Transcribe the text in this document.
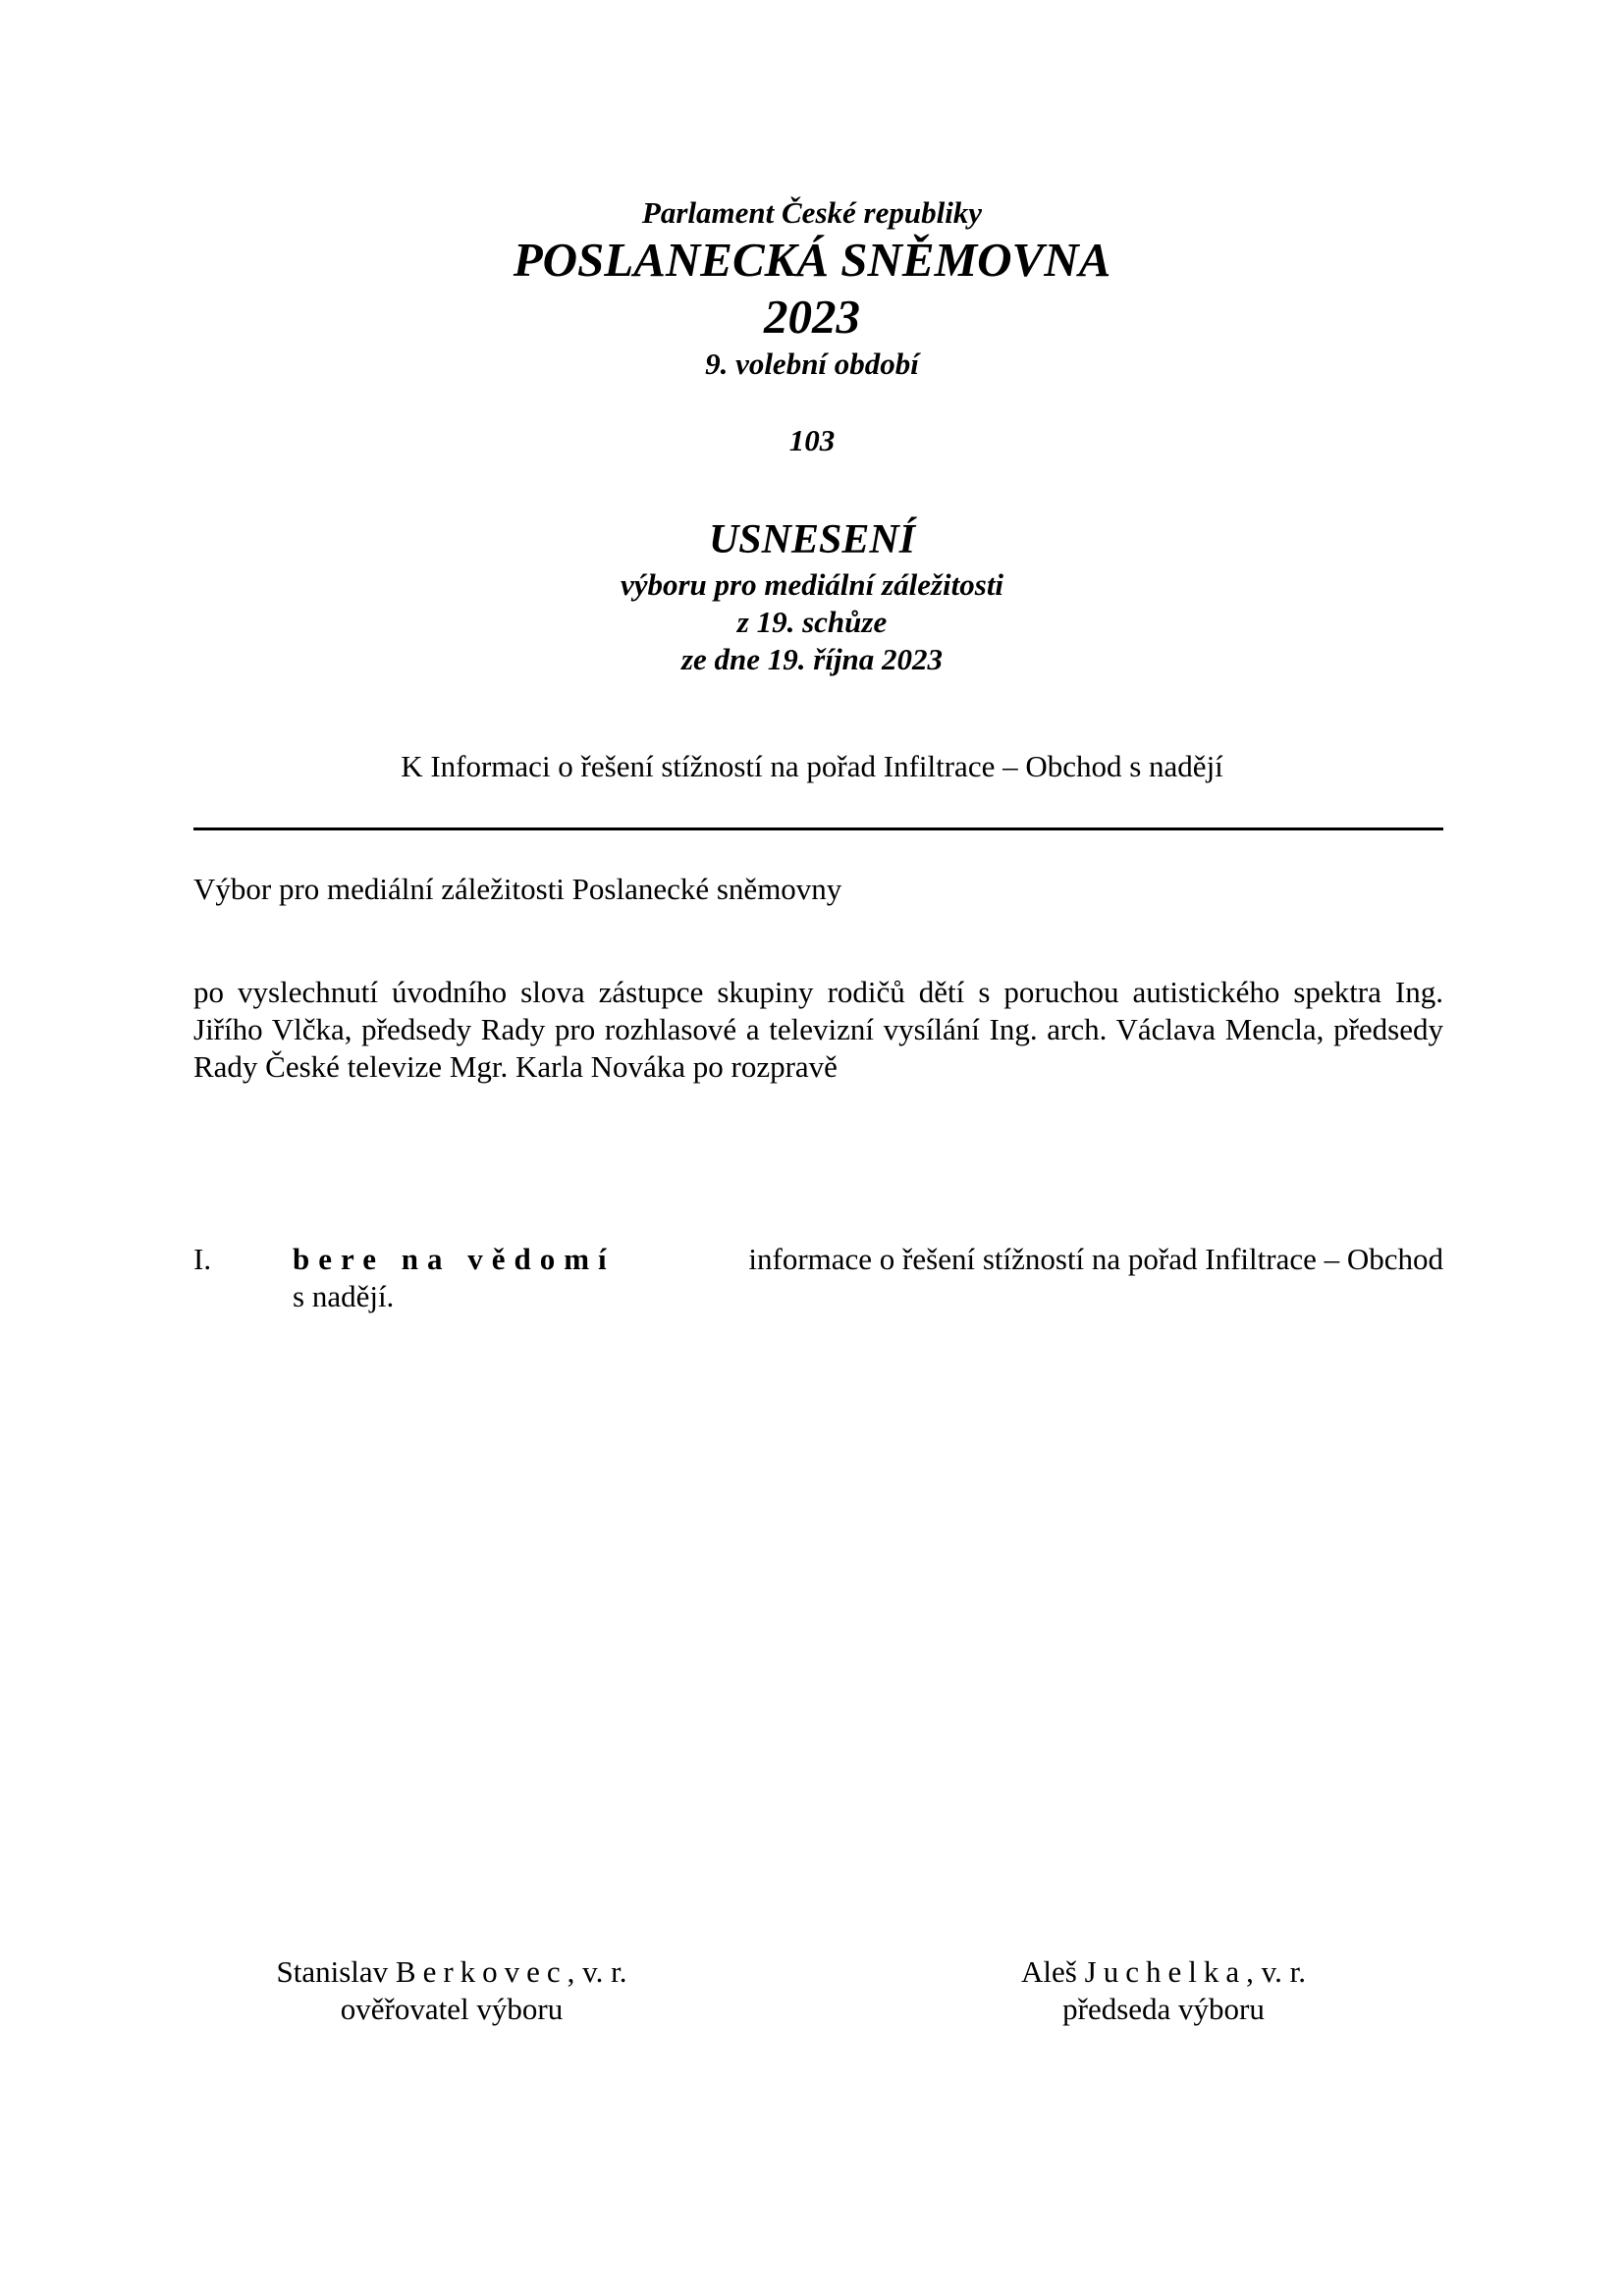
Parlament České republiky
POSLANECKÁ SNĚMOVNA
2023
9. volební období
103
USNESENÍ
výboru pro mediální záležitosti
z 19. schůze
ze dne 19. října 2023
K Informaci o řešení stížností na pořad Infiltrace – Obchod s nadějí
Výbor pro mediální záležitosti Poslanecké sněmovny
po vyslechnutí úvodního slova zástupce skupiny rodičů dětí s poruchou autistického spektra Ing. Jiřího Vlčka, předsedy Rady pro rozhlasové a televizní vysílání Ing. arch. Václava Mencla, předsedy Rady České televize Mgr. Karla Nováka po rozpravě
I.	bere na vědomí	informace o řešení stížností na pořad Infiltrace – Obchod
s nadějí.
Stanislav Berkovec, v. r.
ověřovatel výboru
Aleš Juchelka, v. r.
předseda výboru
